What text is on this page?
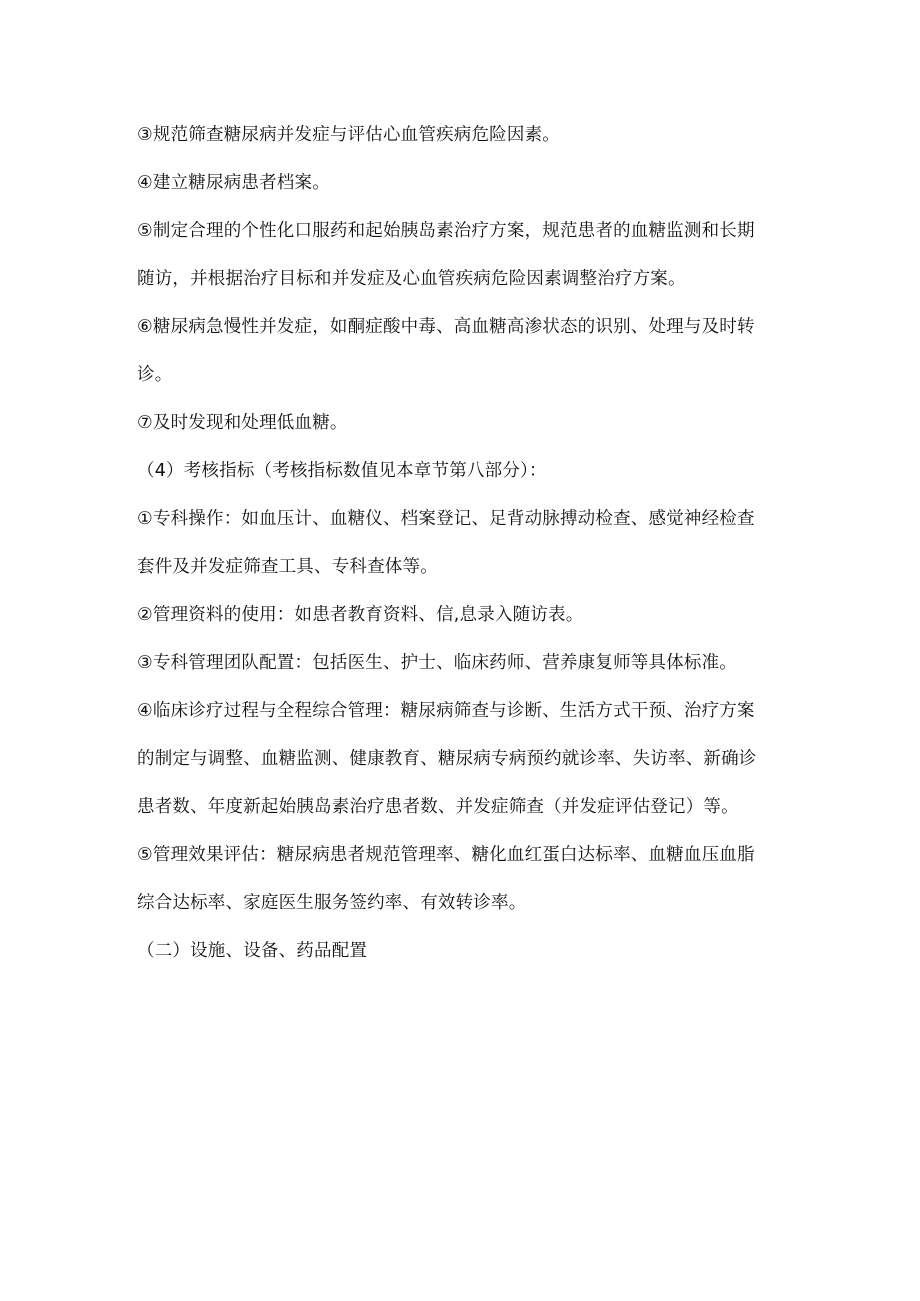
③规范筛查糖尿病并发症与评估心血管疾病危险因素。

④建立糖尿病患者档案。

⑤制定合理的个性化口服药和起始胰岛素治疗方案，规范患者的血糖监测和长期
随访，并根据治疗目标和并发症及心血管疾病危险因素调整治疗方案。

⑥糖尿病急慢性并发症，如酮症酸中毒、高血糖高渗状态的识别、处理与及时转
诊。

⑦及时发现和处理低血糖。

（4）考核指标（考核指标数值见本章节第八部分）：

①专科操作：如血压计、血糖仪、档案登记、足背动脉搏动检查、感觉神经检查
套件及并发症筛查工具、专科查体等。

②管理资料的使用：如患者教育资料、信,息录入随访表。

③专科管理团队配置：包括医生、护士、临床药师、营养康复师等具体标准。

④临床诊疗过程与全程综合管理：糖尿病筛查与诊断、生活方式干预、治疗方案
的制定与调整、血糖监测、健康教育、糖尿病专病预约就诊率、失访率、新确诊
患者数、年度新起始胰岛素治疗患者数、并发症筛查（并发症评估登记）等。

⑤管理效果评估：糖尿病患者规范管理率、糖化血红蛋白达标率、血糖血压血脂
综合达标率、家庭医生服务签约率、有效转诊率。

（二）设施、设备、药品配置
